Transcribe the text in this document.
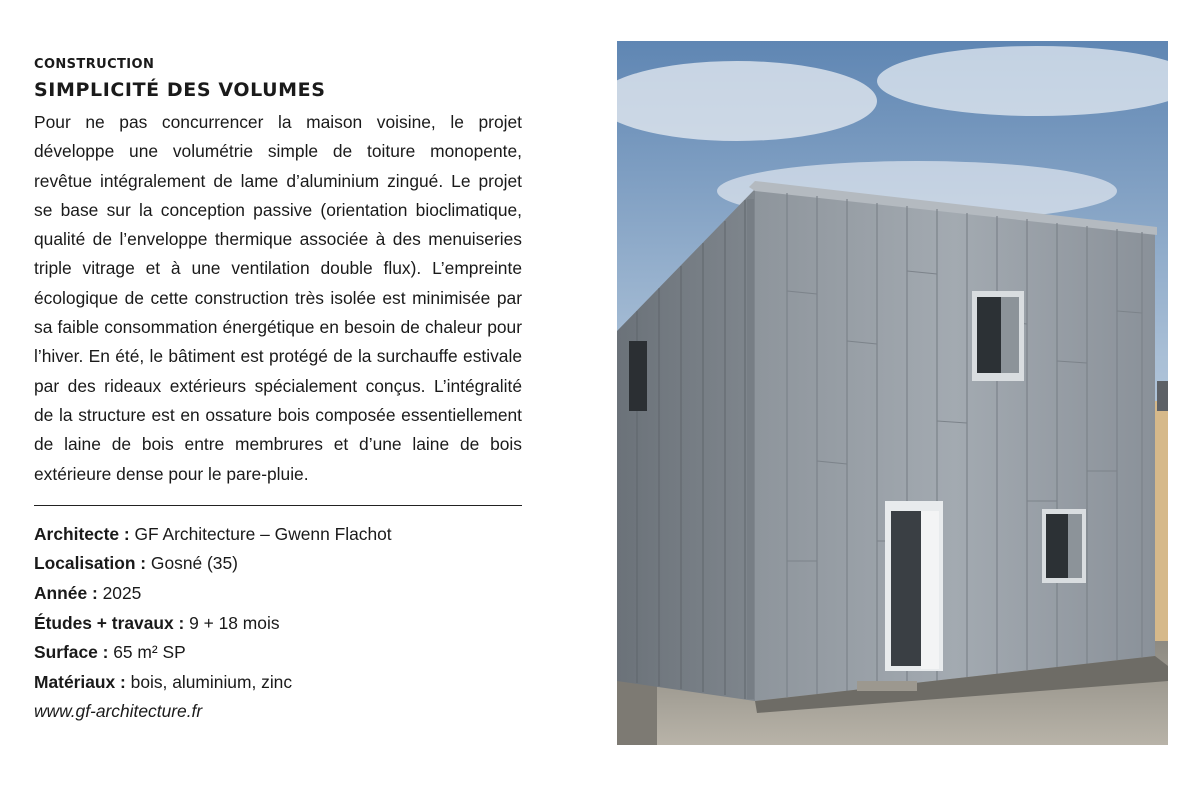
CONSTRUCTION

SIMPLICITÉ DES VOLUMES

Pour ne pas concurrencer la maison voisine, le projet développe une volumétrie simple de toiture monopente, revêtue intégralement de lame d’aluminium zingué. Le projet se base sur la conception passive (orientation bioclimatique, qualité de l’enveloppe thermique associée à des menuiseries triple vitrage et à une ventilation double flux). L’empreinte écologique de cette construction très isolée est minimisée par sa faible consommation énergétique en besoin de chaleur pour l’hiver. En été, le bâtiment est protégé de la surchauffe estivale par des rideaux extérieurs spécialement conçus. L’intégralité de la structure est en ossature bois composée essentiellement de laine de bois entre membrures et d’une laine de bois extérieure dense pour le pare-pluie.

Architecte : GF Architecture – Gwenn Flachot

Localisation : Gosné (35)

Année : 2025

Études + travaux : 9 + 18 mois

Surface : 65 m² SP

Matériaux : bois, aluminium, zinc

www.gf-architecture.fr
